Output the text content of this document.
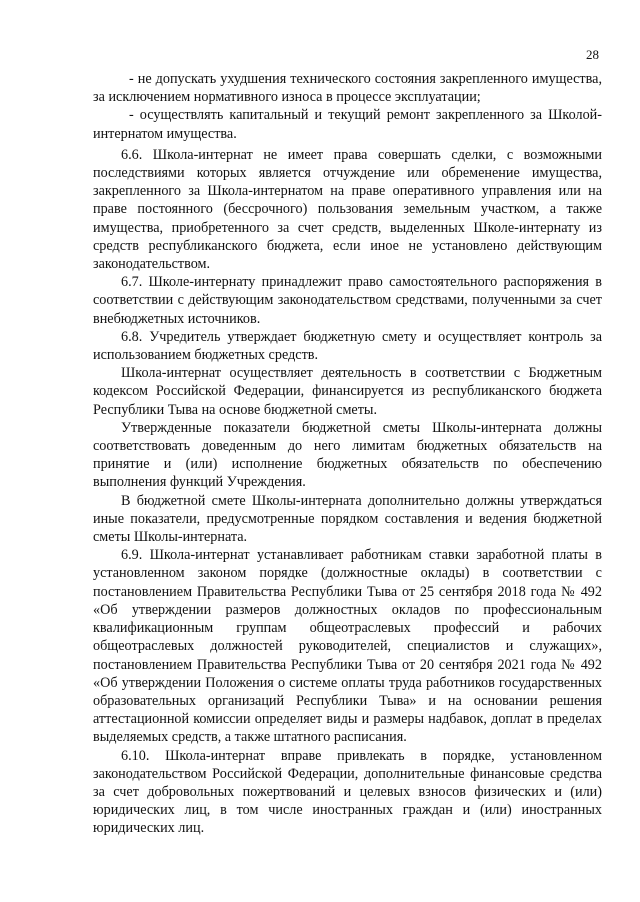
28

- не допускать ухудшения технического состояния закрепленного имущества, за исключением нормативного износа в процессе эксплуатации;

- осуществлять капитальный и текущий ремонт закрепленного за Школой-интернатом имущества.

6.6. Школа-интернат не имеет права совершать сделки, с возможными последствиями которых является отчуждение или обременение имущества, закрепленного за Школа-интернатом на праве оперативного управления или на праве постоянного (бессрочного) пользования земельным участком, а также имущества, приобретенного за счет средств, выделенных Школе-интернату из средств республиканского бюджета, если иное не установлено действующим законодательством.

6.7. Школе-интернату принадлежит право самостоятельного распоряжения в соответствии с действующим законодательством средствами, полученными за счет внебюджетных источников.

6.8. Учредитель утверждает бюджетную смету и осуществляет контроль за использованием бюджетных средств.

Школа-интернат осуществляет деятельность в соответствии с Бюджетным кодексом Российской Федерации, финансируется из республиканского бюджета Республики Тыва на основе бюджетной сметы.

Утвержденные показатели бюджетной сметы Школы-интерната должны соответствовать доведенным до него лимитам бюджетных обязательств на принятие и (или) исполнение бюджетных обязательств по обеспечению выполнения функций Учреждения.

В бюджетной смете Школы-интерната дополнительно должны утверждаться иные показатели, предусмотренные порядком составления и ведения бюджетной сметы Школы-интерната.

6.9. Школа-интернат устанавливает работникам ставки заработной платы в установленном законом порядке (должностные оклады) в соответствии с постановлением Правительства Республики Тыва от 25 сентября 2018 года № 492 «Об утверждении размеров должностных окладов по профессиональным квалификационным группам общеотраслевых профессий и рабочих общеотраслевых должностей руководителей, специалистов и служащих», постановлением Правительства Республики Тыва от 20 сентября 2021 года № 492 «Об утверждении Положения о системе оплаты труда работников государственных образовательных организаций Республики Тыва» и на основании решения аттестационной комиссии определяет виды и размеры надбавок, доплат в пределах выделяемых средств, а также штатного расписания.

6.10. Школа-интернат вправе привлекать в порядке, установленном законодательством Российской Федерации, дополнительные финансовые средства за счет добровольных пожертвований и целевых взносов физических и (или) юридических лиц, в том числе иностранных граждан и (или) иностранных юридических лиц.
